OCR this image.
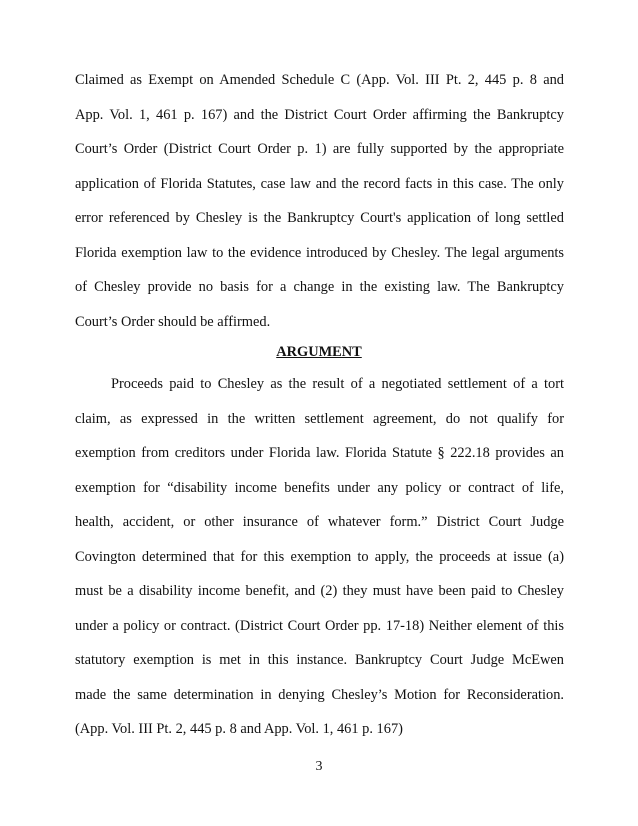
Claimed as Exempt on Amended Schedule C (App. Vol. III Pt. 2, 445 p. 8 and
App. Vol. 1, 461 p. 167) and the District Court Order affirming the Bankruptcy
Court’s Order (District Court Order p. 1) are fully supported by the appropriate
application of Florida Statutes, case law and the record facts in this case. The only
error referenced by Chesley is the Bankruptcy Court's application of long settled
Florida exemption law to the evidence introduced by Chesley. The legal arguments
of Chesley provide no basis for a change in the existing law. The Bankruptcy
Court’s Order should be affirmed.
ARGUMENT
Proceeds paid to Chesley as the result of a negotiated settlement of a tort
claim, as expressed in the written settlement agreement, do not qualify for
exemption from creditors under Florida law. Florida Statute § 222.18 provides an
exemption for “disability income benefits under any policy or contract of life,
health, accident, or other insurance of whatever form.” District Court Judge
Covington determined that for this exemption to apply, the proceeds at issue (a)
must be a disability income benefit, and (2) they must have been paid to Chesley
under a policy or contract. (District Court Order pp. 17-18) Neither element of this
statutory exemption is met in this instance. Bankruptcy Court Judge McEwen
made the same determination in denying Chesley’s Motion for Reconsideration.
(App. Vol. III Pt. 2, 445 p. 8 and App. Vol. 1, 461 p. 167)
3
